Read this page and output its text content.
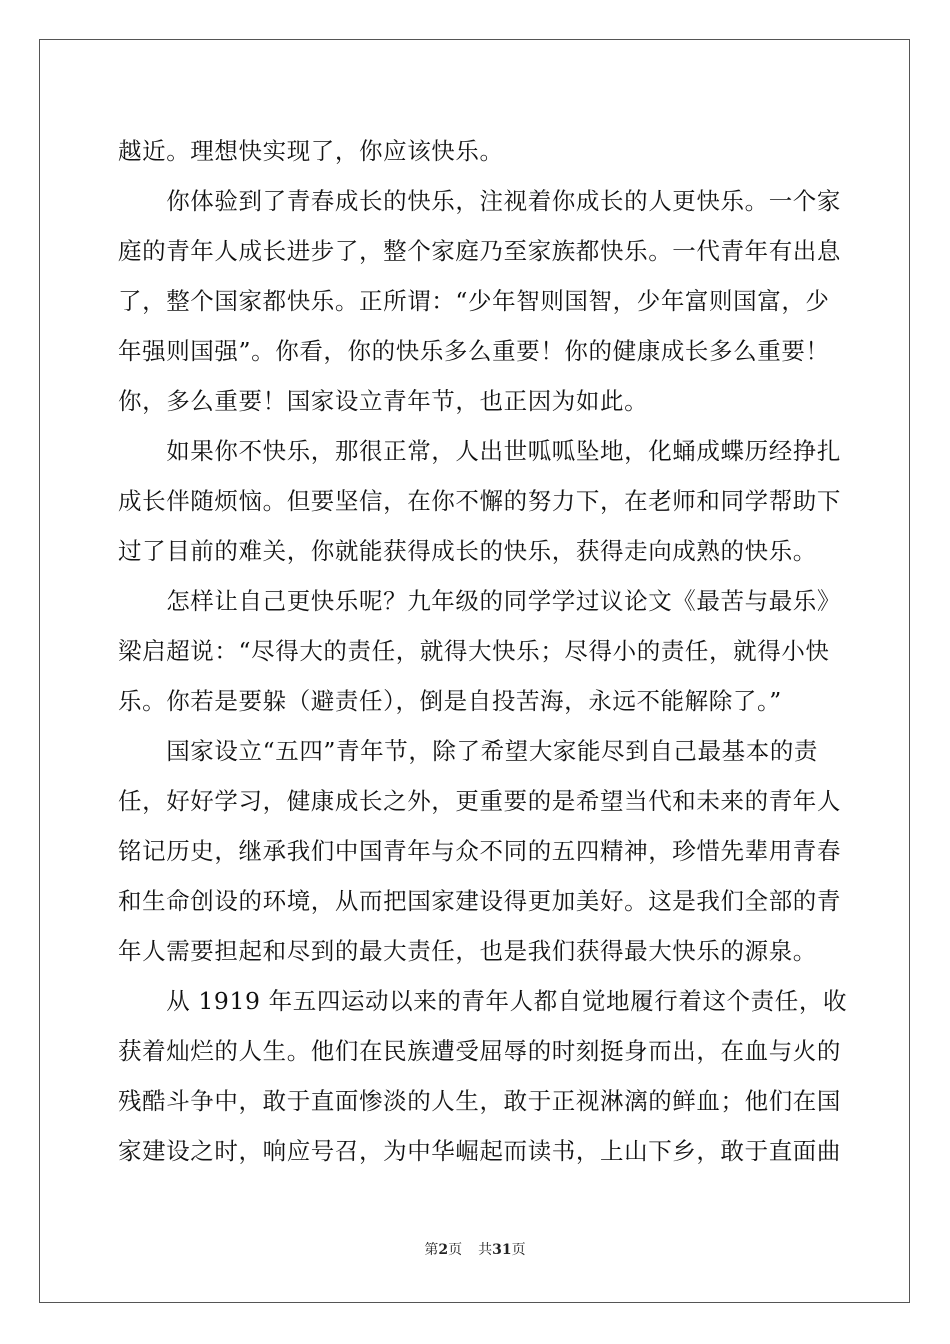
越近。理想快实现了，你应该快乐。
　　你体验到了青春成长的快乐，注视着你成长的人更快乐。一个家
庭的青年人成长进步了，整个家庭乃至家族都快乐。一代青年有出息
了，整个国家都快乐。正所谓：“少年智则国智，少年富则国富，少
年强则国强”。你看，你的快乐多么重要！你的健康成长多么重要！
你，多么重要！国家设立青年节，也正因为如此。
　　如果你不快乐，那很正常，人出世呱呱坠地，化蛹成蝶历经挣扎
成长伴随烦恼。但要坚信，在你不懈的努力下，在老师和同学帮助下
过了目前的难关，你就能获得成长的快乐，获得走向成熟的快乐。
　　怎样让自己更快乐呢？九年级的同学学过议论文《最苦与最乐》
梁启超说：“尽得大的责任，就得大快乐；尽得小的责任，就得小快
乐。你若是要躲（避责任），倒是自投苦海，永远不能解除了。”
　　国家设立“五四”青年节，除了希望大家能尽到自己最基本的责
任，好好学习，健康成长之外，更重要的是希望当代和未来的青年人
铭记历史，继承我们中国青年与众不同的五四精神，珍惜先辈用青春
和生命创设的环境，从而把国家建设得更加美好。这是我们全部的青
年人需要担起和尽到的最大责任，也是我们获得最大快乐的源泉。
　　从 1919 年五四运动以来的青年人都自觉地履行着这个责任，收
获着灿烂的人生。他们在民族遭受屈辱的时刻挺身而出，在血与火的
残酷斗争中，敢于直面惨淡的人生，敢于正视淋漓的鲜血；他们在国
家建设之时，响应号召，为中华崛起而读书，上山下乡，敢于直面曲
第2页 共31页
